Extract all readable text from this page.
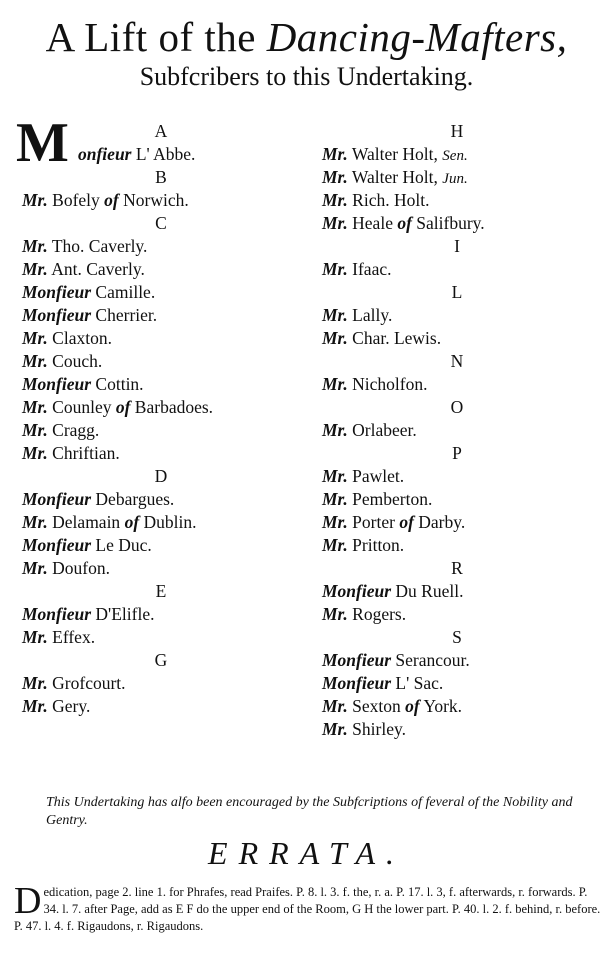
A Lift of the Dancing-Mafters,
Subfcribers to this Undertaking.
A
M onfieur L' Abbe.
B
Mr. Bofely of Norwich.
C
Mr. Tho. Caverly.
Mr. Ant. Caverly.
Monfieur Camille.
Monfieur Cherrier.
Mr. Claxton.
Mr. Couch.
Monfieur Cottin.
Mr. Counley of Barbadoes.
Mr. Cragg.
Mr. Chriftian.
D
Monfieur Debargues.
Mr. Delamain of Dublin.
Monfieur Le Duc.
Mr. Doufon.
E
Monfieur D'Elifle.
Mr. Effex.
G
Mr. Grofcourt.
Mr. Gery.
H
Mr. Walter Holt, Sen.
Mr. Walter Holt, Jun.
Mr. Rich. Holt.
Mr. Heale of Salifbury.
I
Mr. Ifaac.
L
Mr. Lally.
Mr. Char. Lewis.
N
Mr. Nicholfon.
O
Mr. Orlabeer.
P
Mr. Pawlet.
Mr. Pemberton.
Mr. Porter of Darby.
Mr. Pritton.
R
Monfieur Du Ruell.
Mr. Rogers.
S
Monfieur Serancour.
Monfieur L' Sac.
Mr. Sexton of York.
Mr. Shirley.
This Undertaking has alfo been encouraged by the Subfcriptions of feveral of the Nobility and Gentry.
ERRATA.
Dedication, page 2. line 1. for Phrafes, read Praifes. P. 8. l. 3. f. the, r. a. P. 17. l. 3, f. afterwards, r. forwards. P. 34. l. 7. after Page, add as E F do the upper end of the Room, G H the lower part. P. 40. l. 2. f. behind, r. before. P. 47. l. 4. f. Rigaudons, r. Rigaudons.
